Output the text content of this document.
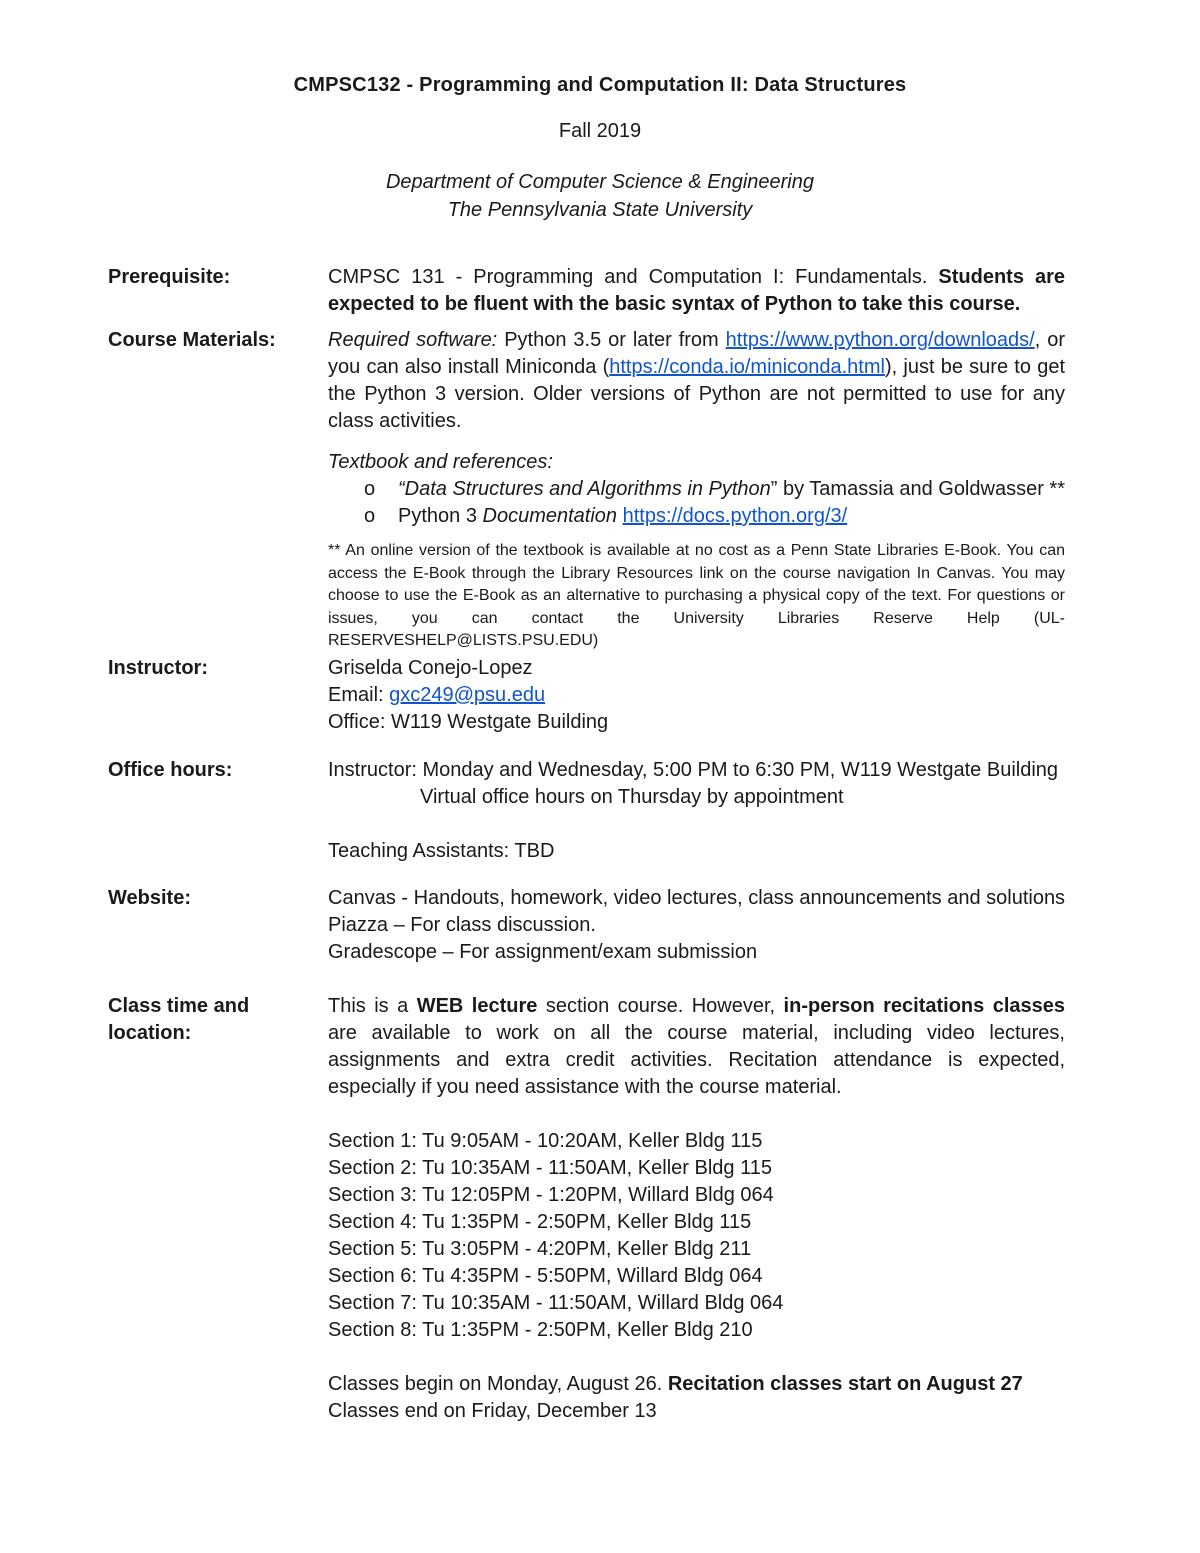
CMPSC132 - Programming and Computation II: Data Structures
Fall 2019
Department of Computer Science & Engineering
The Pennsylvania State University
Prerequisite:	CMPSC 131 - Programming and Computation I: Fundamentals. Students are expected to be fluent with the basic syntax of Python to take this course.
Course Materials:	Required software: Python 3.5 or later from https://www.python.org/downloads/, or you can also install Miniconda (https://conda.io/miniconda.html), just be sure to get the Python 3 version. Older versions of Python are not permitted to use for any class activities.
Textbook and references:
o “Data Structures and Algorithms in Python” by Tamassia and Goldwasser **
o Python 3 Documentation https://docs.python.org/3/
** An online version of the textbook is available at no cost as a Penn State Libraries E-Book. You can access the E-Book through the Library Resources link on the course navigation In Canvas. You may choose to use the E-Book as an alternative to purchasing a physical copy of the text. For questions or issues, you can contact the University Libraries Reserve Help (UL-RESERVESHELP@LISTS.PSU.EDU)
Instructor:	Griselda Conejo-Lopez
Email: gxc249@psu.edu
Office: W119 Westgate Building
Office hours:	Instructor: Monday and Wednesday, 5:00 PM to 6:30 PM, W119 Westgate Building
Virtual office hours on Thursday by appointment
Teaching Assistants: TBD
Website:	Canvas - Handouts, homework, video lectures, class announcements and solutions
Piazza – For class discussion.
Gradescope – For assignment/exam submission
Class time and
location:
This is a WEB lecture section course. However, in-person recitations classes are available to work on all the course material, including video lectures, assignments and extra credit activities. Recitation attendance is expected, especially if you need assistance with the course material.
Section 1: Tu 9:05AM - 10:20AM, Keller Bldg 115
Section 2: Tu 10:35AM - 11:50AM, Keller Bldg 115
Section 3: Tu 12:05PM - 1:20PM, Willard Bldg 064
Section 4: Tu 1:35PM - 2:50PM, Keller Bldg 115
Section 5: Tu 3:05PM - 4:20PM, Keller Bldg 211
Section 6: Tu 4:35PM - 5:50PM, Willard Bldg 064
Section 7: Tu 10:35AM - 11:50AM, Willard Bldg 064
Section 8: Tu 1:35PM - 2:50PM, Keller Bldg 210
Classes begin on Monday, August 26. Recitation classes start on August 27
Classes end on Friday, December 13
